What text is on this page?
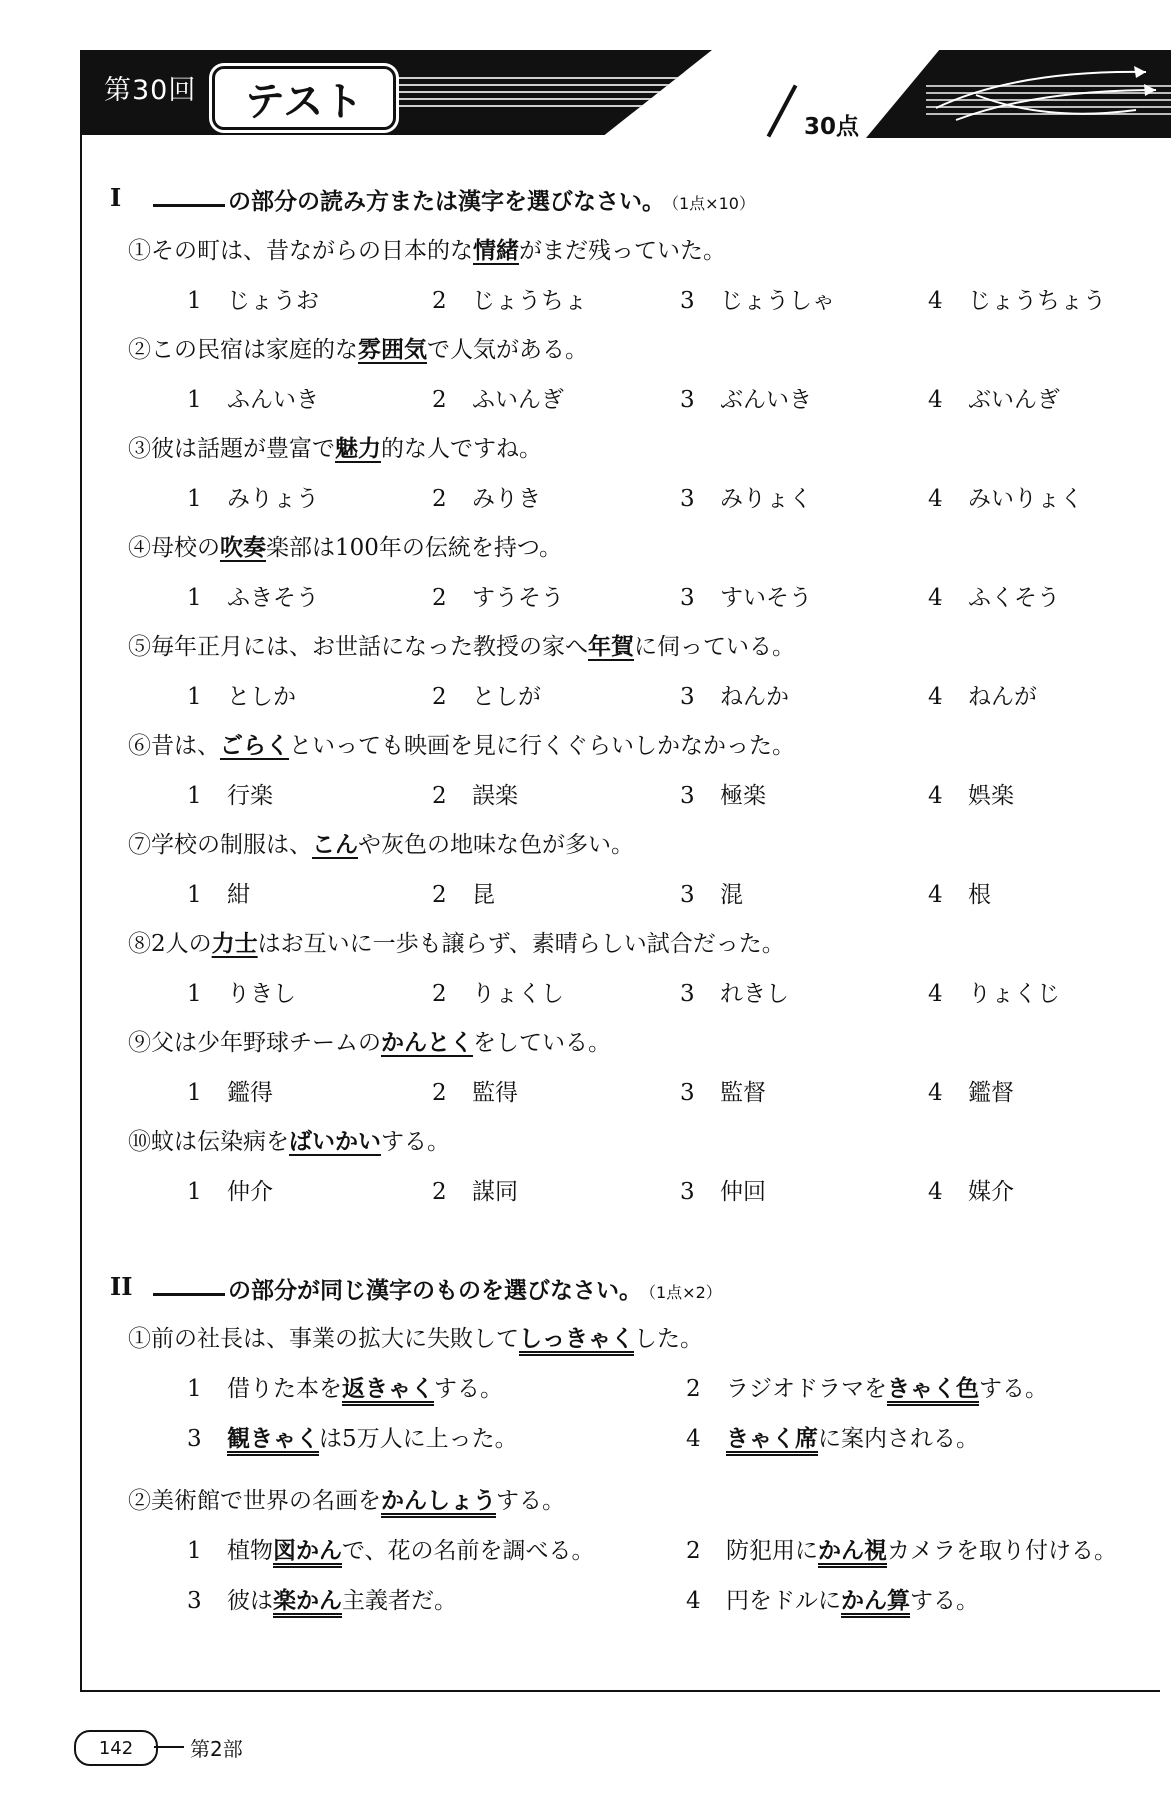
第30回	テスト
30点
I	の部分の読み方または漢字を選びなさい。 （1点×10）
①その町は、昔ながらの日本的な情緒がまだ残っていた。
1 じょうお	2 じょうちょ	3 じょうしゃ	4 じょうちょう
②この民宿は家庭的な雰囲気で人気がある。
1 ふんいき	2 ふいんぎ	3 ぶんいき	4 ぶいんぎ
③彼は話題が豊富で魅力的な人ですね。
1 みりょう	2 みりき	3 みりょく	4 みいりょく
④母校の吹奏楽部は100年の伝統を持つ。
1 ふきそう	2 すうそう	3 すいそう	4 ふくそう
⑤毎年正月には、お世話になった教授の家へ年賀に伺っている。
1 としか	2 としが	3 ねんか	4 ねんが
⑥昔は、ごらくといっても映画を見に行くぐらいしかなかった。
1 行楽	2 誤楽	3 極楽	4 娯楽
⑦学校の制服は、こんや灰色の地味な色が多い。
1 紺	2 昆	3 混	4 根
⑧2人の力士はお互いに一歩も譲らず、素晴らしい試合だった。
1 りきし	2 りょくし	3 れきし	4 りょくじ
⑨父は少年野球チームのかんとくをしている。
1 鑑得	2 監得	3 監督	4 鑑督
⑩蚊は伝染病をばいかいする。
1 仲介	2 謀同	3 仲回	4 媒介
II	の部分が同じ漢字のものを選びなさい。 （1点×2）
①前の社長は、事業の拡大に失敗してしっきゃくした。
1 借りた本を返きゃくする。	2 ラジオドラマをきゃく色する。
3 観きゃくは5万人に上った。	4 きゃく席に案内される。
②美術館で世界の名画をかんしょうする。
1 植物図かんで、花の名前を調べる。	2 防犯用にかん視カメラを取り付ける。
3 彼は楽かん主義者だ。	4 円をドルにかん算する。
142	第2部
